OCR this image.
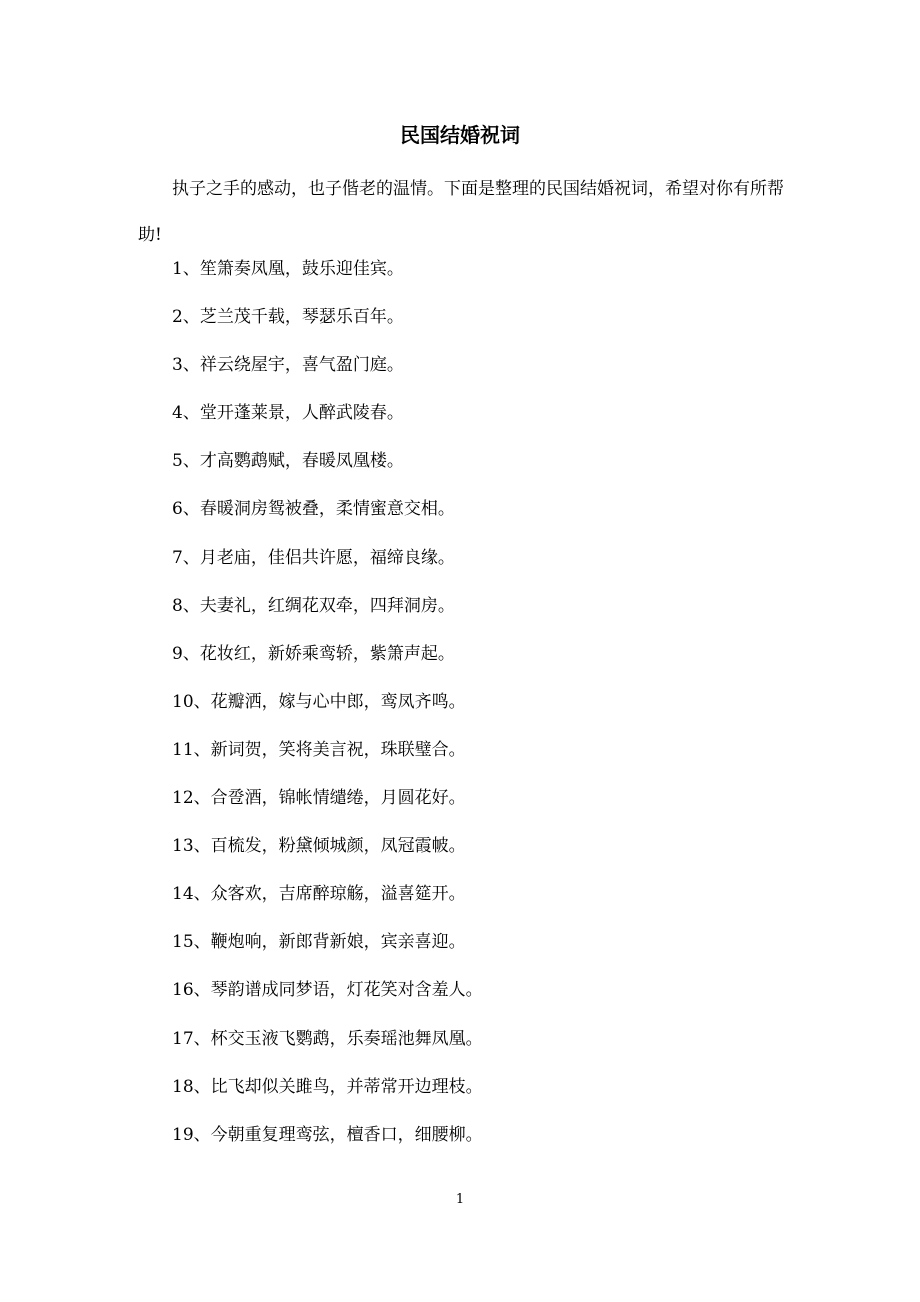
民国结婚祝词

执子之手的感动，也子偕老的温情。下面是整理的民国结婚祝词，希望对你有所帮助!

1、笙箫奏凤凰，鼓乐迎佳宾。
2、芝兰茂千载，琴瑟乐百年。
3、祥云绕屋宇，喜气盈门庭。
4、堂开蓬莱景，人醉武陵春。
5、才高鹦鹉赋，春暖凤凰楼。
6、春暖洞房鸳被叠，柔情蜜意交相。
7、月老庙，佳侣共许愿，福缔良缘。
8、夫妻礼，红绸花双牵，四拜洞房。
9、花妆红，新娇乘鸾轿，紫箫声起。
10、花瓣洒，嫁与心中郎，鸾凤齐鸣。
11、新词贺，笑将美言祝，珠联璧合。
12、合卺酒，锦帐情缱绻，月圆花好。
13、百梳发，粉黛倾城颜，凤冠霞帔。
14、众客欢，吉席醉琼觞，溢喜筵开。
15、鞭炮响，新郎背新娘，宾亲喜迎。
16、琴韵谱成同梦语，灯花笑对含羞人。
17、杯交玉液飞鹦鹉，乐奏瑶池舞凤凰。
18、比飞却似关雎鸟，并蒂常开边理枝。
19、今朝重复理鸾弦，檀香口，细腰柳。
1
